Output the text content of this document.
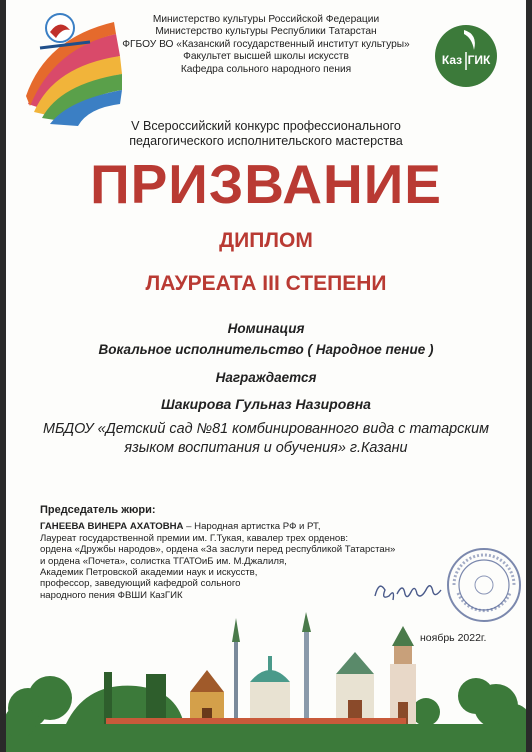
Министерство культуры Российской Федерации
Министерство культуры Республики Татарстан
ФГБОУ ВО «Казанский государственный институт культуры»
Факультет высшей школы искусств
Кафедра сольного народного пения
Каз ГИК
V Всероссийский конкурс профессионального
педагогического исполнительского мастерства
ПРИЗВАНИЕ
ДИПЛОМ
ЛАУРЕАТА III СТЕПЕНИ
Номинация
Вокальное исполнительство ( Народное пение )
Награждается
Шакирова Гульназ Назировна
МБДОУ «Детский сад №81 комбинированного вида с татарским
языком воспитания и обучения» г.Казани
Председатель жюри:
ГАНЕЕВА ВИНЕРА АХАТОВНА – Народная артистка РФ и РТ,
Лауреат государственной премии им. Г.Тукая, кавалер трех орденов:
ордена «Дружбы народов», ордена «За заслуги перед республикой Татарстан»
и ордена «Почета», солистка ТГАТОиБ им. М.Джалиля,
Академик Петровской академии наук и искусств,
профессор, заведующий кафедрой сольного
народного пения ФВШИ КазГИК
ноябрь 2022г.
